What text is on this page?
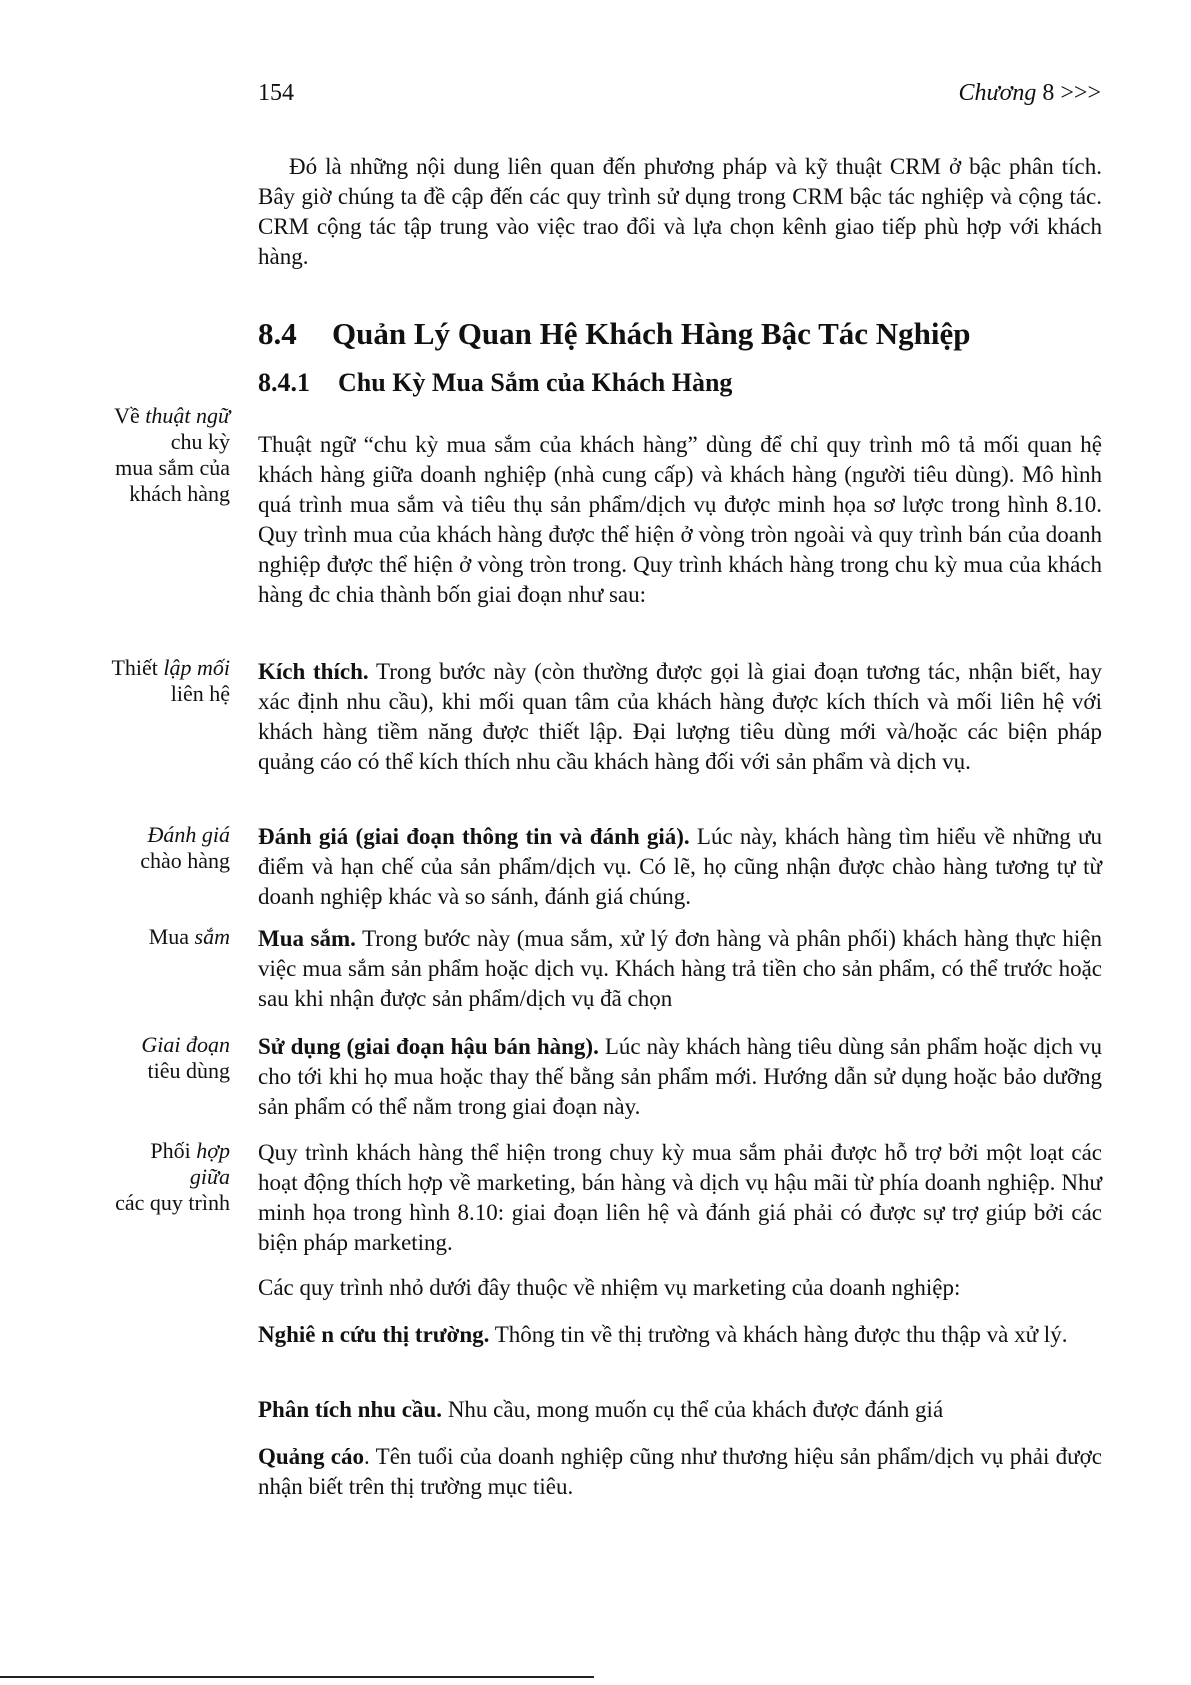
154	Chương 8 >>>

Đó là những nội dung liên quan đến phương pháp và kỹ thuật CRM ở bậc phân tích. Bây giờ chúng ta đề cập đến các quy trình sử dụng trong CRM bậc tác nghiệp và cộng tác. CRM cộng tác tập trung vào việc trao đổi và lựa chọn kênh giao tiếp phù hợp với khách hàng.

8.4 Quản Lý Quan Hệ Khách Hàng Bậc Tác Nghiệp
8.4.1 Chu Kỳ Mua Sắm của Khách Hàng
Về thuật ngữ
chu kỳ
mua sắm của
khách hàng
Thiết lập mối
liên hệ
Đánh giá
chào hàng
Mua sắm
Giai đoạn
tiêu dùng
Phối hợp
giữa
các quy trình

Thuật ngữ “chu kỳ mua sắm của khách hàng” dùng để chỉ quy trình mô tả mối quan hệ khách hàng giữa doanh nghiệp (nhà cung cấp) và khách hàng (người tiêu dùng). Mô hình quá trình mua sắm và tiêu thụ sản phẩm/dịch vụ được minh họa sơ lược trong hình 8.10. Quy trình mua của khách hàng được thể hiện ở vòng tròn ngoài và quy trình bán của doanh nghiệp được thể hiện ở vòng tròn trong. Quy trình khách hàng trong chu kỳ mua của khách hàng đc chia thành bốn giai đoạn như sau:

Kích thích. Trong bước này (còn thường được gọi là giai đoạn tương tác, nhận biết, hay xác định nhu cầu), khi mối quan tâm của khách hàng được kích thích và mối liên hệ với khách hàng tiềm năng được thiết lập. Đại lượng tiêu dùng mới và/hoặc các biện pháp quảng cáo có thể kích thích nhu cầu khách hàng đối với sản phẩm và dịch vụ.

Đánh giá (giai đoạn thông tin và đánh giá). Lúc này, khách hàng tìm hiểu về những ưu điểm và hạn chế của sản phẩm/dịch vụ. Có lẽ, họ cũng nhận được chào hàng tương tự từ doanh nghiệp khác và so sánh, đánh giá chúng.

Mua sắm. Trong bước này (mua sắm, xử lý đơn hàng và phân phối) khách hàng thực hiện việc mua sắm sản phẩm hoặc dịch vụ. Khách hàng trả tiền cho sản phẩm, có thể trước hoặc sau khi nhận được sản phẩm/dịch vụ đã chọn

Sử dụng (giai đoạn hậu bán hàng). Lúc này khách hàng tiêu dùng sản phẩm hoặc dịch vụ cho tới khi họ mua hoặc thay thế bằng sản phẩm mới. Hướng dẫn sử dụng hoặc bảo dưỡng sản phẩm có thể nằm trong giai đoạn này.

Quy trình khách hàng thể hiện trong chuy kỳ mua sắm phải được hỗ trợ bởi một loạt các hoạt động thích hợp về marketing, bán hàng và dịch vụ hậu mãi từ phía doanh nghiệp. Như minh họa trong hình 8.10: giai đoạn liên hệ và đánh giá phải có được sự trợ giúp bởi các biện pháp marketing.

Các quy trình nhỏ dưới đây thuộc về nhiệm vụ marketing của doanh nghiệp:

Nghiê n cứu thị trường. Thông tin về thị trường và khách hàng được thu thập và xử lý.

Phân tích nhu cầu. Nhu cầu, mong muốn cụ thể của khách được đánh giá

Quảng cáo. Tên tuổi của doanh nghiệp cũng như thương hiệu sản phẩm/dịch vụ phải được nhận biết trên thị trường mục tiêu.
